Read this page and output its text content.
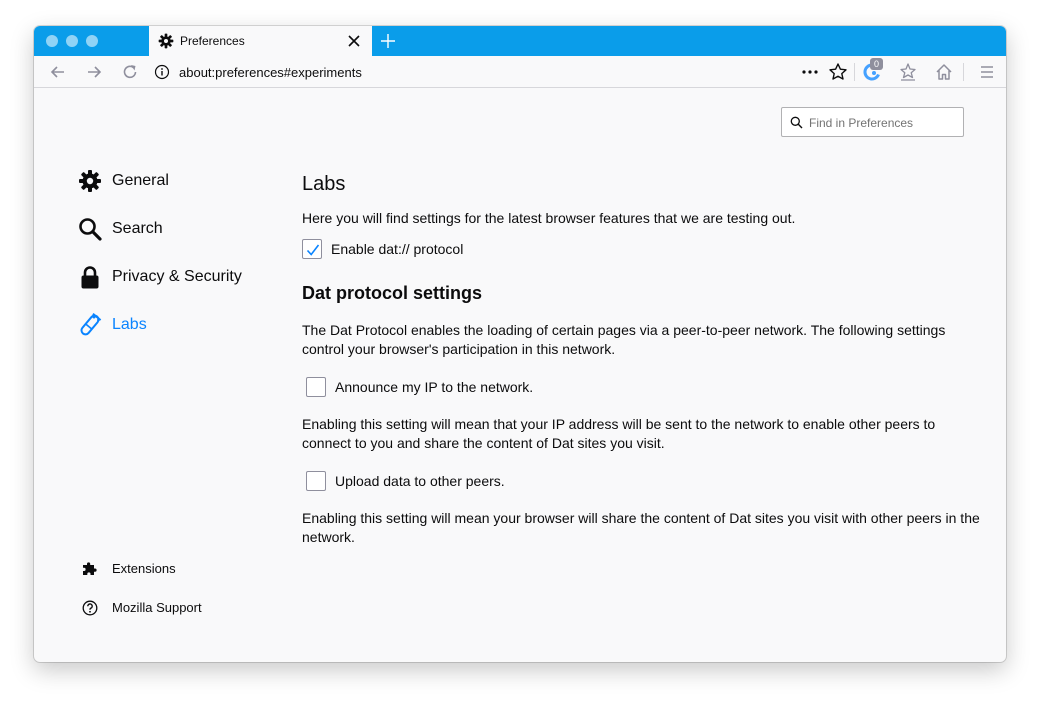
Preferences
about:preferences#experiments
0
Find in Preferences
General
Search
Privacy & Security
Labs
Extensions
Mozilla Support
Labs
Here you will find settings for the latest browser features that we are testing out.
Enable dat:// protocol
Dat protocol settings
The Dat Protocol enables the loading of certain pages via a peer-to-peer network. The following settings control your browser's participation in this network.
Announce my IP to the network.
Enabling this setting will mean that your IP address will be sent to the network to enable other peers to connect to you and share the content of Dat sites you visit.
Upload data to other peers.
Enabling this setting will mean your browser will share the content of Dat sites you visit with other peers in the network.
